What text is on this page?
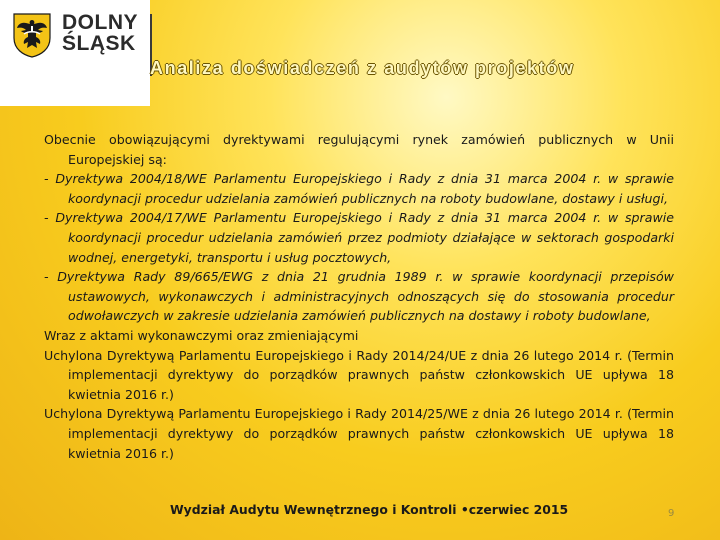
DOLNY
ŚLĄSK
Analiza doświadczeń z audytów projektów

Obecnie obowiązującymi dyrektywami regulującymi rynek zamówień publicznych w Unii Europejskiej są:

- Dyrektywa 2004/18/WE Parlamentu Europejskiego i Rady z dnia 31 marca 2004 r. w sprawie koordynacji procedur udzielania zamówień publicznych na roboty budowlane, dostawy i usługi,

- Dyrektywa 2004/17/WE Parlamentu Europejskiego i Rady z dnia 31 marca 2004 r. w sprawie koordynacji procedur udzielania zamówień przez podmioty działające w sektorach gospodarki wodnej, energetyki, transportu i usług pocztowych,

- Dyrektywa Rady 89/665/EWG z dnia 21 grudnia 1989 r. w sprawie koordynacji przepisów ustawowych, wykonawczych i administracyjnych odnoszących się do stosowania procedur odwoławczych w zakresie udzielania zamówień publicznych na dostawy i roboty budowlane,

Wraz z aktami wykonawczymi oraz zmieniającymi

Uchylona Dyrektywą Parlamentu Europejskiego i Rady 2014/24/UE z dnia 26 lutego 2014 r. (Termin implementacji dyrektywy do porządków prawnych państw członkowskich UE upływa 18 kwietnia 2016 r.)

Uchylona Dyrektywą Parlamentu Europejskiego i Rady 2014/25/WE z dnia 26 lutego 2014 r. (Termin implementacji dyrektywy do porządków prawnych państw członkowskich UE upływa 18 kwietnia 2016 r.)

Wydział Audytu Wewnętrznego i Kontroli •czerwiec 2015	9
